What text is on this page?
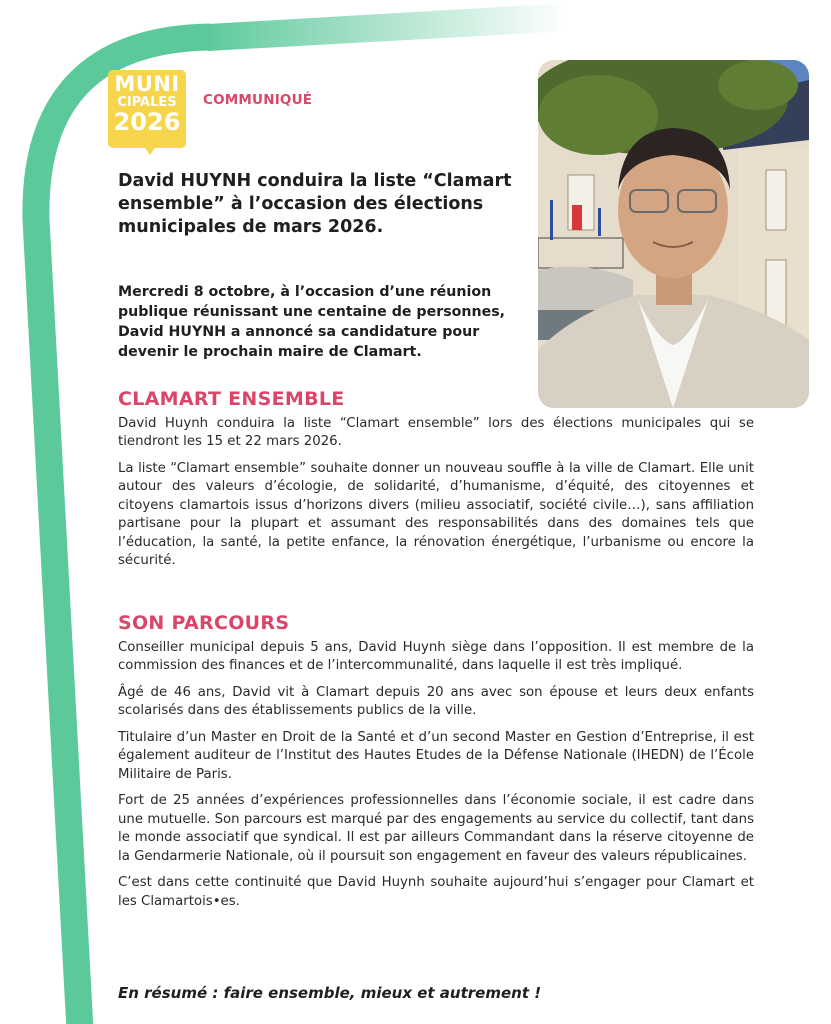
MUNI
CIPALES
2026
COMMUNIQUÉ
David HUYNH conduira la liste “Clamart ensemble” à l’occasion des élections municipales de mars 2026.

Mercredi 8 octobre, à l’occasion d’une réunion publique réunissant une centaine de personnes, David HUYNH a annoncé sa candidature pour devenir le prochain maire de Clamart.

CLAMART ENSEMBLE

David Huynh conduira la liste “Clamart ensemble” lors des élections municipales qui se tiendront les 15 et 22 mars 2026.

La liste “Clamart ensemble” souhaite donner un nouveau souffle à la ville de Clamart. Elle unit autour des valeurs d’écologie, de solidarité, d’humanisme, d’équité, des citoyennes et citoyens clamartois issus d’horizons divers (milieu associatif, société civile…), sans affiliation partisane pour la plupart et assumant des responsabilités dans des domaines tels que l’éducation, la santé, la petite enfance, la rénovation énergétique, l’urbanisme ou encore la sécurité.

SON PARCOURS

Conseiller municipal depuis 5 ans, David Huynh siège dans l’opposition. Il est membre de la commission des finances et de l’intercommunalité, dans laquelle il est très impliqué.

Âgé de 46 ans, David vit à Clamart depuis 20 ans avec son épouse et leurs deux enfants scolarisés dans des établissements publics de la ville.

Titulaire d’un Master en Droit de la Santé et d’un second Master en Gestion d’Entreprise, il est également auditeur de l’Institut des Hautes Etudes de la Défense Nationale (IHEDN) de l’École Militaire de Paris.

Fort de 25 années d’expériences professionnelles dans l’économie sociale, il est cadre dans une mutuelle. Son parcours est marqué par des engagements au service du collectif, tant dans le monde associatif que syndical. Il est par ailleurs Commandant dans la réserve citoyenne de la Gendarmerie Nationale, où il poursuit son engagement en faveur des valeurs républicaines.

C’est dans cette continuité que David Huynh souhaite aujourd’hui s’engager pour Clamart et les Clamartois•es.

En résumé : faire ensemble, mieux et autrement !
